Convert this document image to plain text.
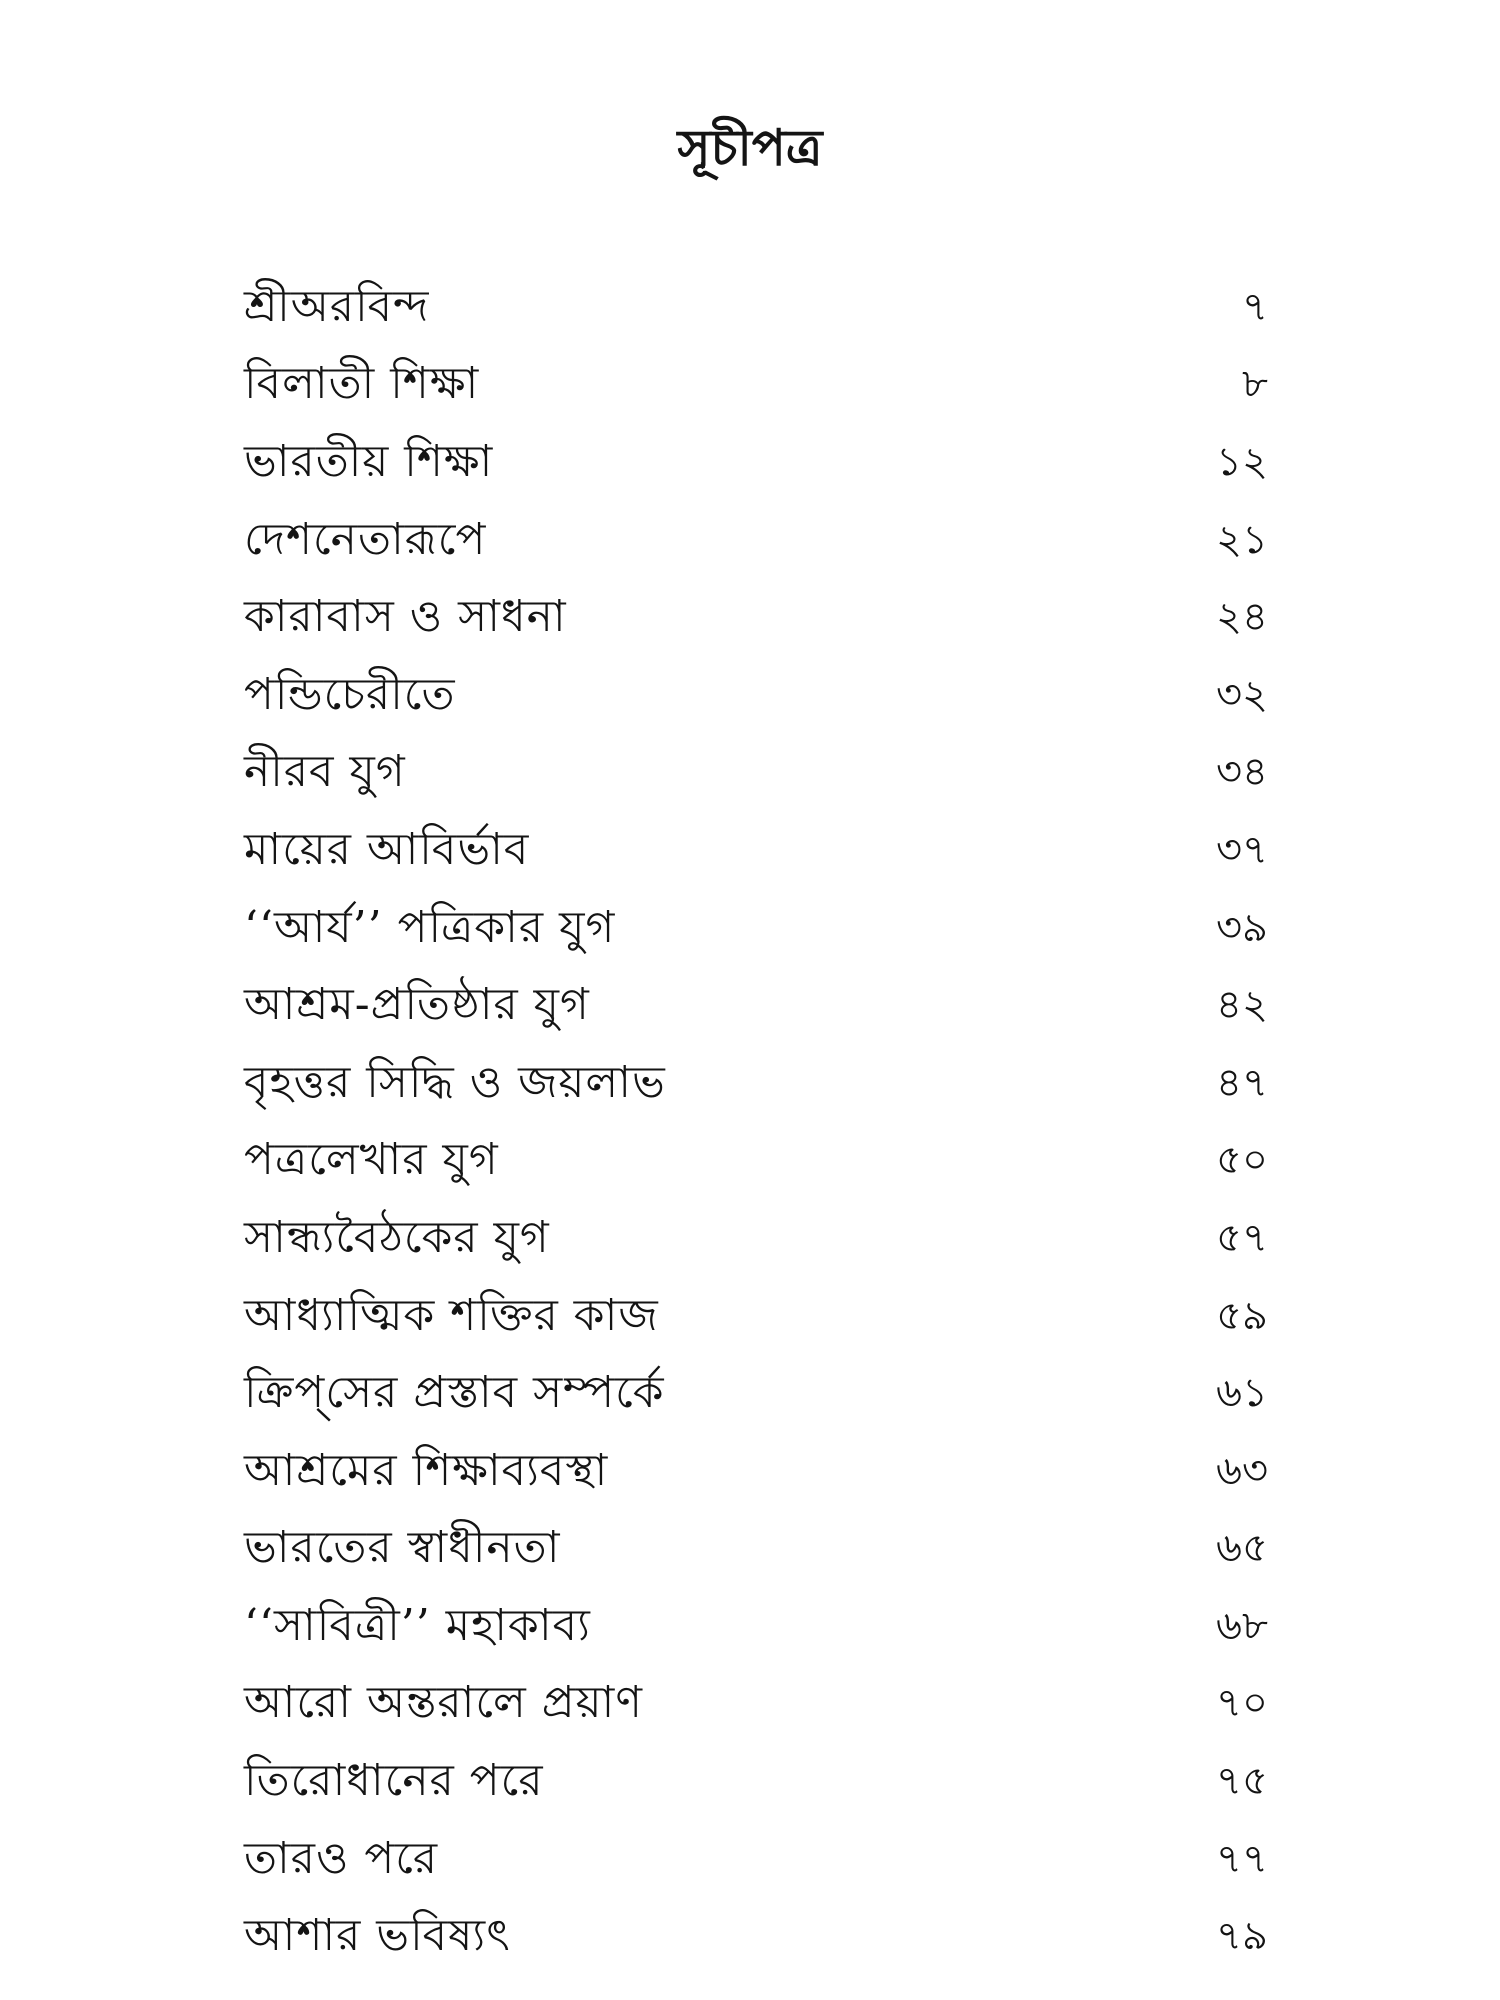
সূচীপত্র
শ্রীঅরবিন্দ	৭
বিলাতী শিক্ষা	৮
ভারতীয় শিক্ষা	১২
দেশনেতারূপে	২১
কারাবাস ও সাধনা	২৪
পন্ডিচেরীতে	৩২
নীরব যুগ	৩৪
মায়ের আবির্ভাব	৩৭
‘‘আর্য’’ পত্রিকার যুগ	৩৯
আশ্রম-প্রতিষ্ঠার যুগ	৪২
বৃহত্তর সিদ্ধি ও জয়লাভ	৪৭
পত্রলেখার যুগ	৫০
সান্ধ্যবৈঠকের যুগ	৫৭
আধ্যাত্মিক শক্তির কাজ	৫৯
ক্রিপ্‌সের প্রস্তাব সম্পর্কে	৬১
আশ্রমের শিক্ষাব্যবস্থা	৬৩
ভারতের স্বাধীনতা	৬৫
‘‘সাবিত্রী’’ মহাকাব্য	৬৮
আরো অন্তরালে প্রয়াণ	৭০
তিরোধানের পরে	৭৫
তারও পরে	৭৭
আশার ভবিষ্যৎ	৭৯
